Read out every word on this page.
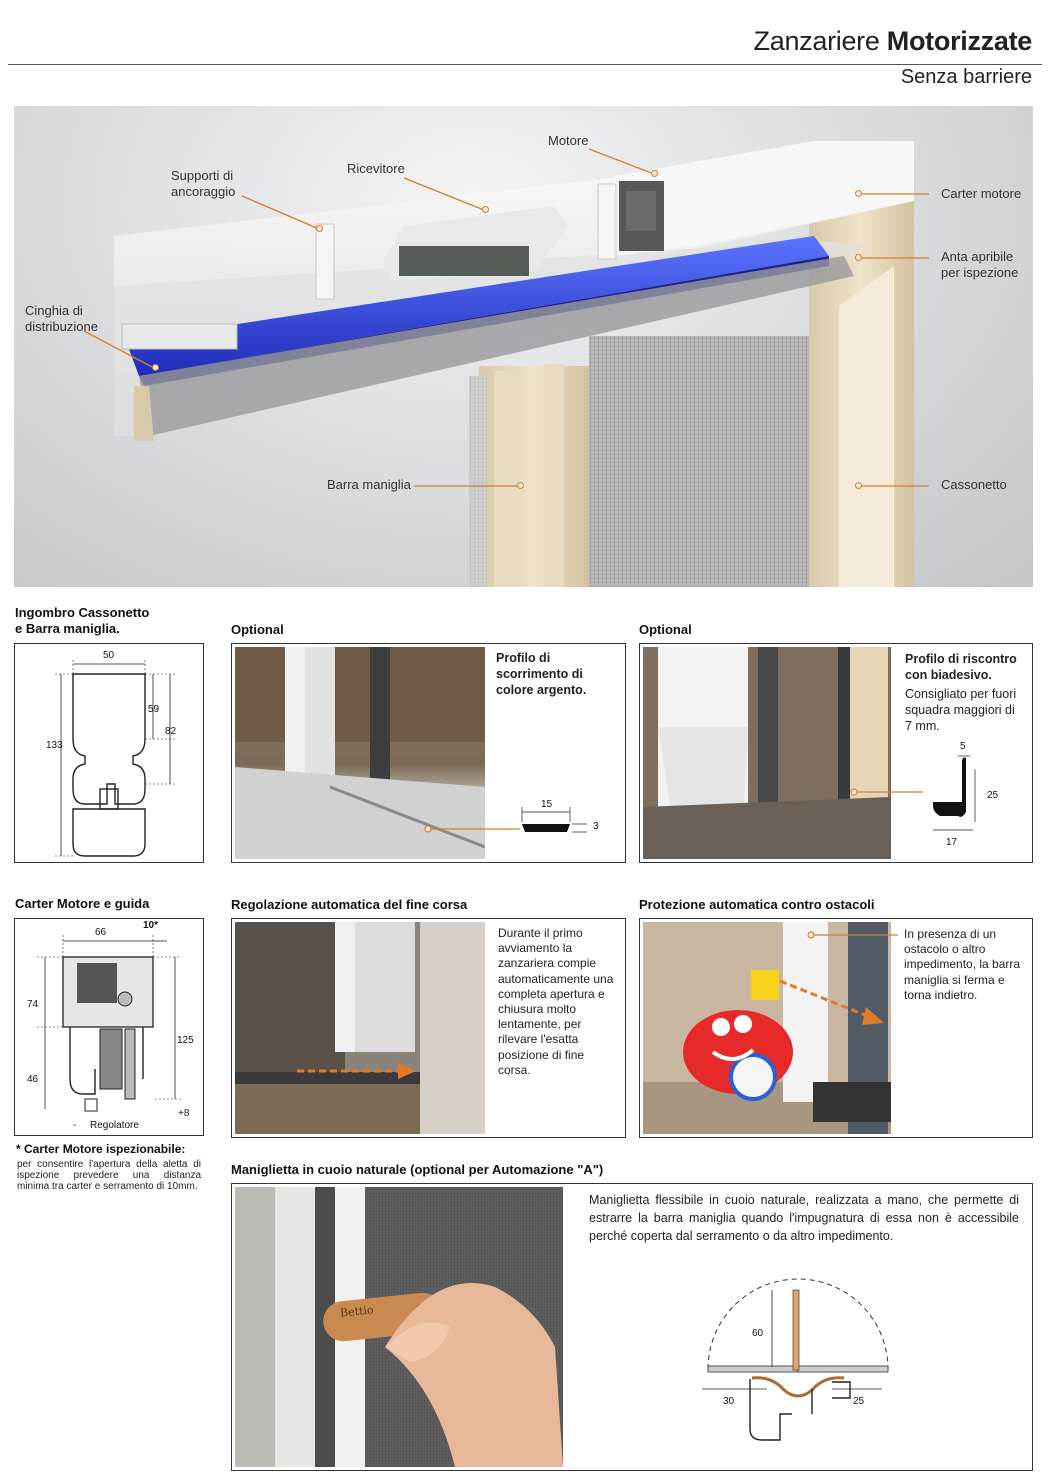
Zanzariere Motorizzate
Senza barriere
Motore
Ricevitore
Supporti di
ancoraggio
Cinghia di
distribuzione
Carter motore
Anta apribile
per ispezione
Barra maniglia	Cassonetto
Ingombro Cassonetto
e Barra maniglia.
50
59
82
133
Optional
Profilo di
scorrimento di
colore argento.
15
3
Optional
Profilo di riscontro
con biadesivo.
Consigliato per fuori
squadra maggiori di
7 mm.
5
25
17
Carter Motore e guida
66
10*
74
46
125
+8
- Regolatore
* Carter Motore ispezionabile:
per consentire l'apertura della aletta di ispezione prevedere una distanza minima tra carter e serramento di 10mm.
Regolazione automatica del fine corsa
Durante il primo avviamento la zanzariera compie automaticamente una completa apertura e chiusura molto lentamente, per rilevare l'esatta posizione di fine corsa.
Protezione automatica contro ostacoli
In presenza di un ostacolo o altro impedimento, la barra maniglia si ferma e torna indietro.
Maniglietta in cuoio naturale (optional per Automazione "A")
Bettio
Maniglietta flessibile in cuoio naturale, realizzata a mano, che permette di estrarre la barra maniglia quando l'impugnatura di essa non è accessibile perché coperta dal serramento o da altro impedimento.
60
30	25
